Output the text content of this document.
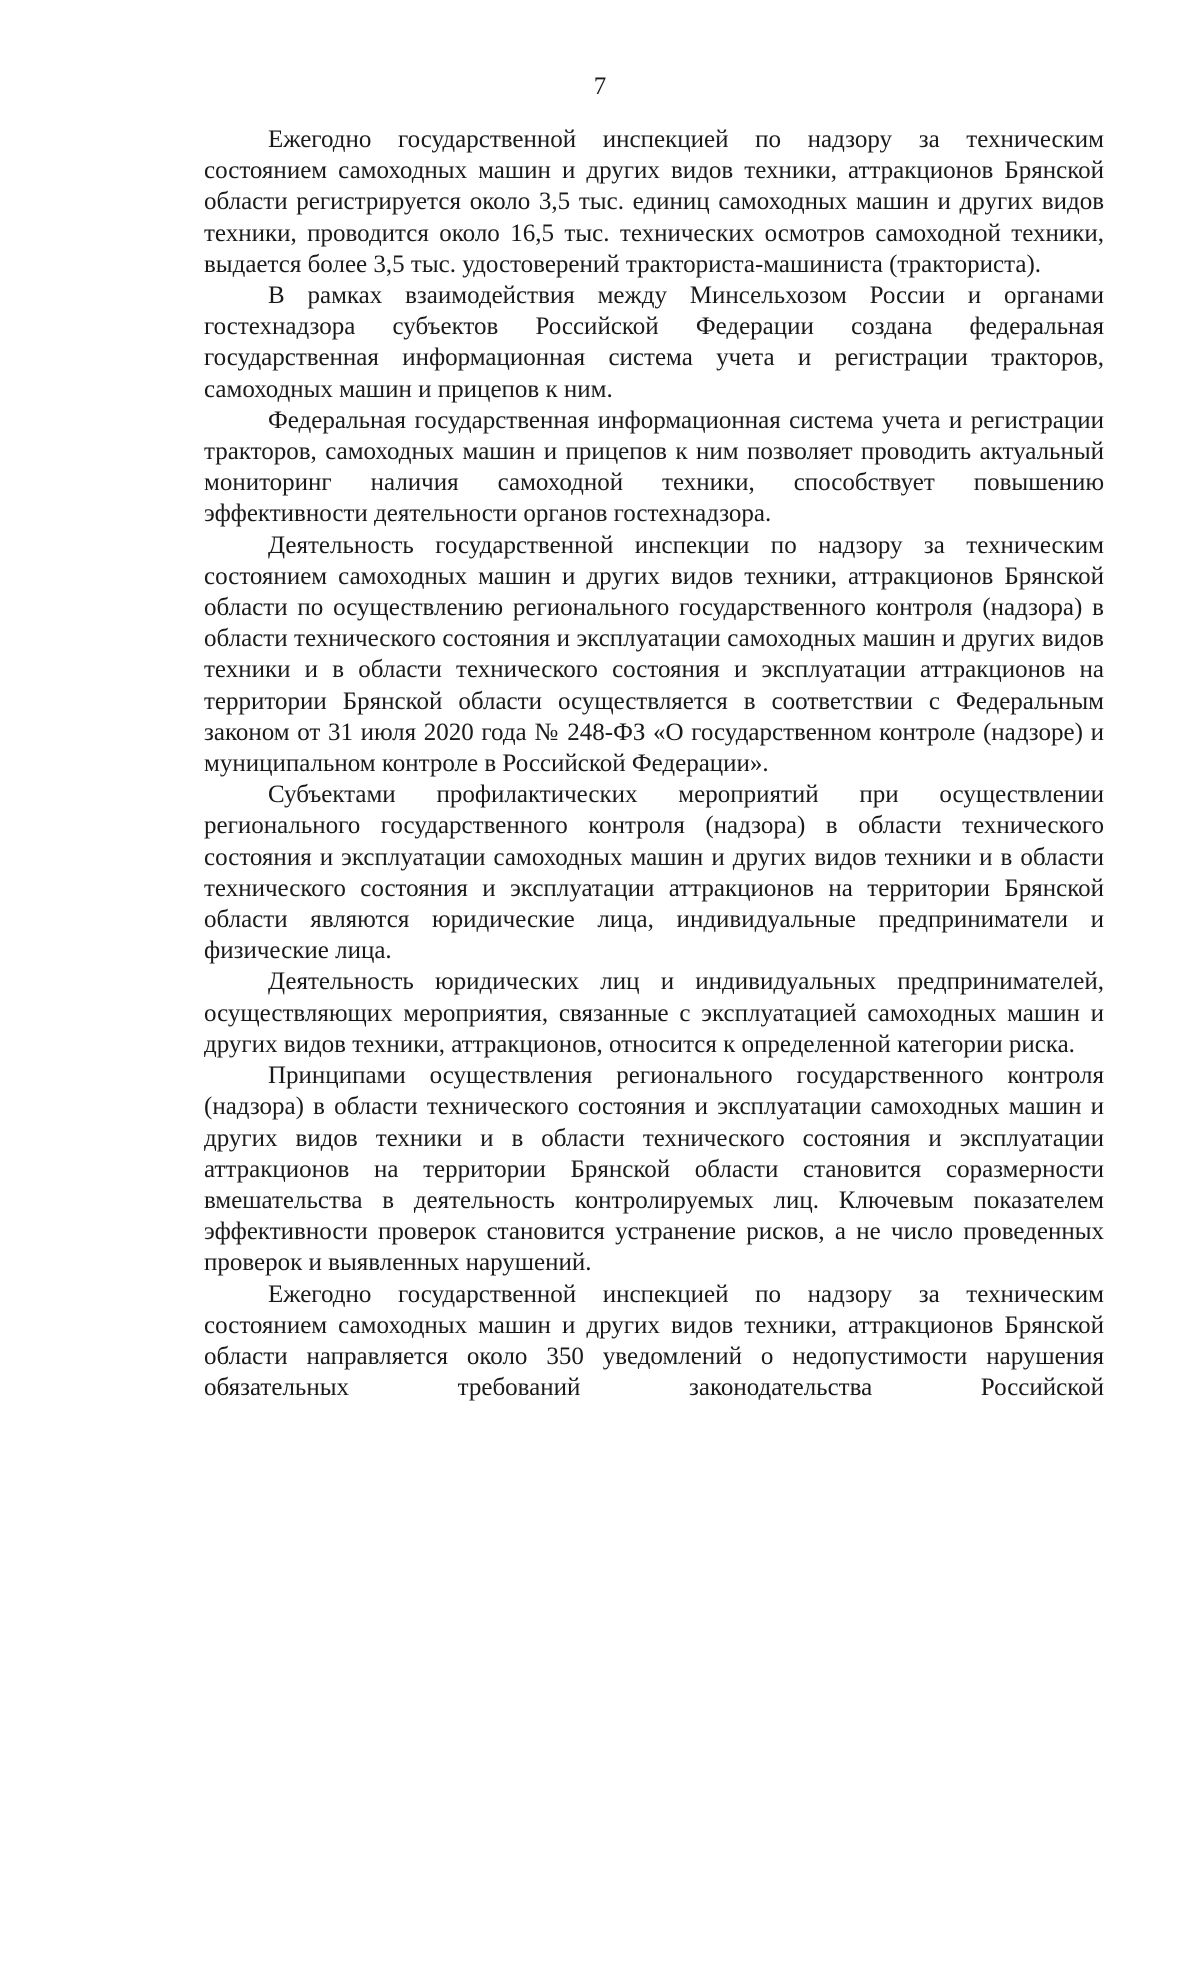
7

Ежегодно государственной инспекцией по надзору за техническим состоянием самоходных машин и других видов техники, аттракционов Брянской области регистрируется около 3,5 тыс. единиц самоходных машин и других видов техники, проводится около 16,5 тыс. технических осмотров самоходной техники, выдается более 3,5 тыс. удостоверений тракториста-машиниста (тракториста).

В рамках взаимодействия между Минсельхозом России и органами гостехнадзора субъектов Российской Федерации создана федеральная государственная информационная система учета и регистрации тракторов, самоходных машин и прицепов к ним.

Федеральная государственная информационная система учета и регистрации тракторов, самоходных машин и прицепов к ним позволяет проводить актуальный мониторинг наличия самоходной техники, способствует повышению эффективности деятельности органов гостехнадзора.

Деятельность государственной инспекции по надзору за техническим состоянием самоходных машин и других видов техники, аттракционов Брянской области по осуществлению регионального государственного контроля (надзора) в области технического состояния и эксплуатации самоходных машин и других видов техники и в области технического состояния и эксплуатации аттракционов на территории Брянской области осуществляется в соответствии с Федеральным законом от 31 июля 2020 года № 248-ФЗ «О государственном контроле (надзоре) и муниципальном контроле в Российской Федерации».

Субъектами профилактических мероприятий при осуществлении регионального государственного контроля (надзора) в области технического состояния и эксплуатации самоходных машин и других видов техники и в области технического состояния и эксплуатации аттракционов на территории Брянской области являются юридические лица, индивидуальные предприниматели и физические лица.

Деятельность юридических лиц и индивидуальных предпринимателей, осуществляющих мероприятия, связанные с эксплуатацией самоходных машин и других видов техники, аттракционов, относится к определенной категории риска.

Принципами осуществления регионального государственного контроля (надзора) в области технического состояния и эксплуатации самоходных машин и других видов техники и в области технического состояния и эксплуатации аттракционов на территории Брянской области становится соразмерности вмешательства в деятельность контролируемых лиц. Ключевым показателем эффективности проверок становится устранение рисков, а не число проведенных проверок и выявленных нарушений.

Ежегодно государственной инспекцией по надзору за техническим состоянием самоходных машин и других видов техники, аттракционов Брянской области направляется около 350 уведомлений о недопустимости нарушения обязательных требований законодательства Российской
